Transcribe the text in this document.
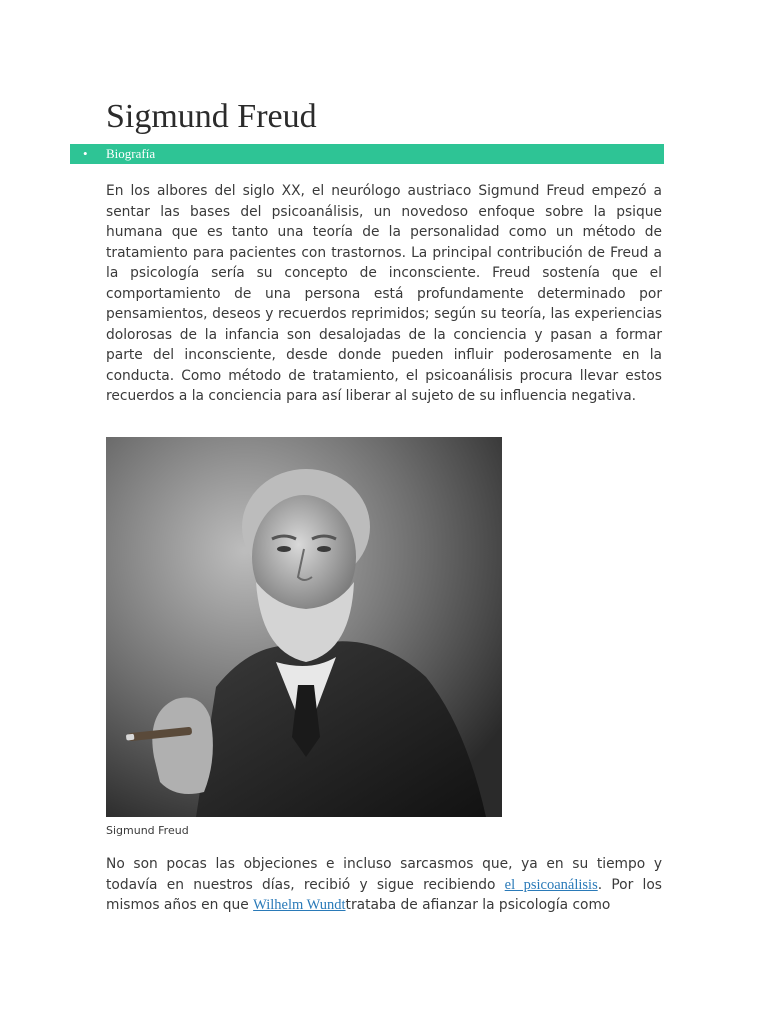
Sigmund Freud
• Biografía

En los albores del siglo XX, el neurólogo austriaco Sigmund Freud empezó a sentar las bases del psicoanálisis, un novedoso enfoque sobre la psique humana que es tanto una teoría de la personalidad como un método de tratamiento para pacientes con trastornos. La principal contribución de Freud a la psicología sería su concepto de inconsciente. Freud sostenía que el comportamiento de una persona está profundamente determinado por pensamientos, deseos y recuerdos reprimidos; según su teoría, las experiencias dolorosas de la infancia son desalojadas de la conciencia y pasan a formar parte del inconsciente, desde donde pueden influir poderosamente en la conducta. Como método de tratamiento, el psicoanálisis procura llevar estos recuerdos a la conciencia para así liberar al sujeto de su influencia negativa.

Sigmund Freud

No son pocas las objeciones e incluso sarcasmos que, ya en su tiempo y todavía en nuestros días, recibió y sigue recibiendo el psicoanálisis. Por los mismos años en que Wilhelm Wundttrataba de afianzar la psicología como
